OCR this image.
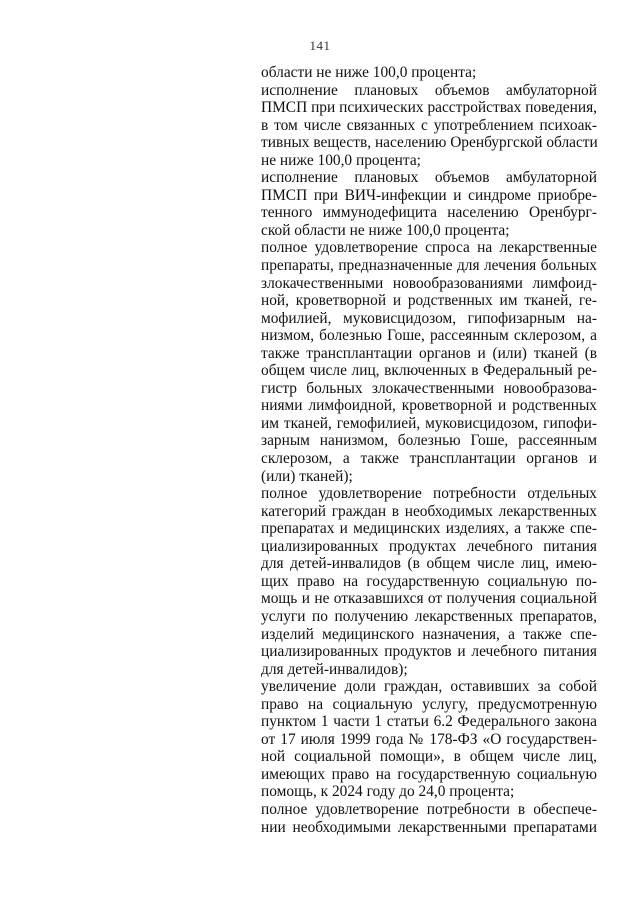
141
области не ниже 100,0 процента;
исполнение плановых объемов амбулаторной
ПМСП при психических расстройствах поведения,
в том числе связанных с употреблением психоак-
тивных веществ, населению Оренбургской области
не ниже 100,0 процента;
исполнение плановых объемов амбулаторной
ПМСП при ВИЧ-инфекции и синдроме приобре-
тенного иммунодефицита населению Оренбург-
ской области не ниже 100,0 процента;
полное удовлетворение спроса на лекарственные
препараты, предназначенные для лечения больных
злокачественными новообразованиями лимфоид-
ной, кроветворной и родственных им тканей, ге-
мофилией, муковисцидозом, гипофизарным на-
низмом, болезнью Гоше, рассеянным склерозом, а
также трансплантации органов и (или) тканей (в
общем числе лиц, включенных в Федеральный ре-
гистр больных злокачественными новообразова-
ниями лимфоидной, кроветворной и родственных
им тканей, гемофилией, муковисцидозом, гипофи-
зарным нанизмом, болезнью Гоше, рассеянным
склерозом, а также трансплантации органов и
(или) тканей);
полное удовлетворение потребности отдельных
категорий граждан в необходимых лекарственных
препаратах и медицинских изделиях, а также спе-
циализированных продуктах лечебного питания
для детей-инвалидов (в общем числе лиц, имею-
щих право на государственную социальную по-
мощь и не отказавшихся от получения социальной
услуги по получению лекарственных препаратов,
изделий медицинского назначения, а также спе-
циализированных продуктов и лечебного питания
для детей-инвалидов);
увеличение доли граждан, оставивших за собой
право на социальную услугу, предусмотренную
пунктом 1 части 1 статьи 6.2 Федерального закона
от 17 июля 1999 года № 178-ФЗ «О государствен-
ной социальной помощи», в общем числе лиц,
имеющих право на государственную социальную
помощь, к 2024 году до 24,0 процента;
полное удовлетворение потребности в обеспече-
нии необходимыми лекарственными препаратами
